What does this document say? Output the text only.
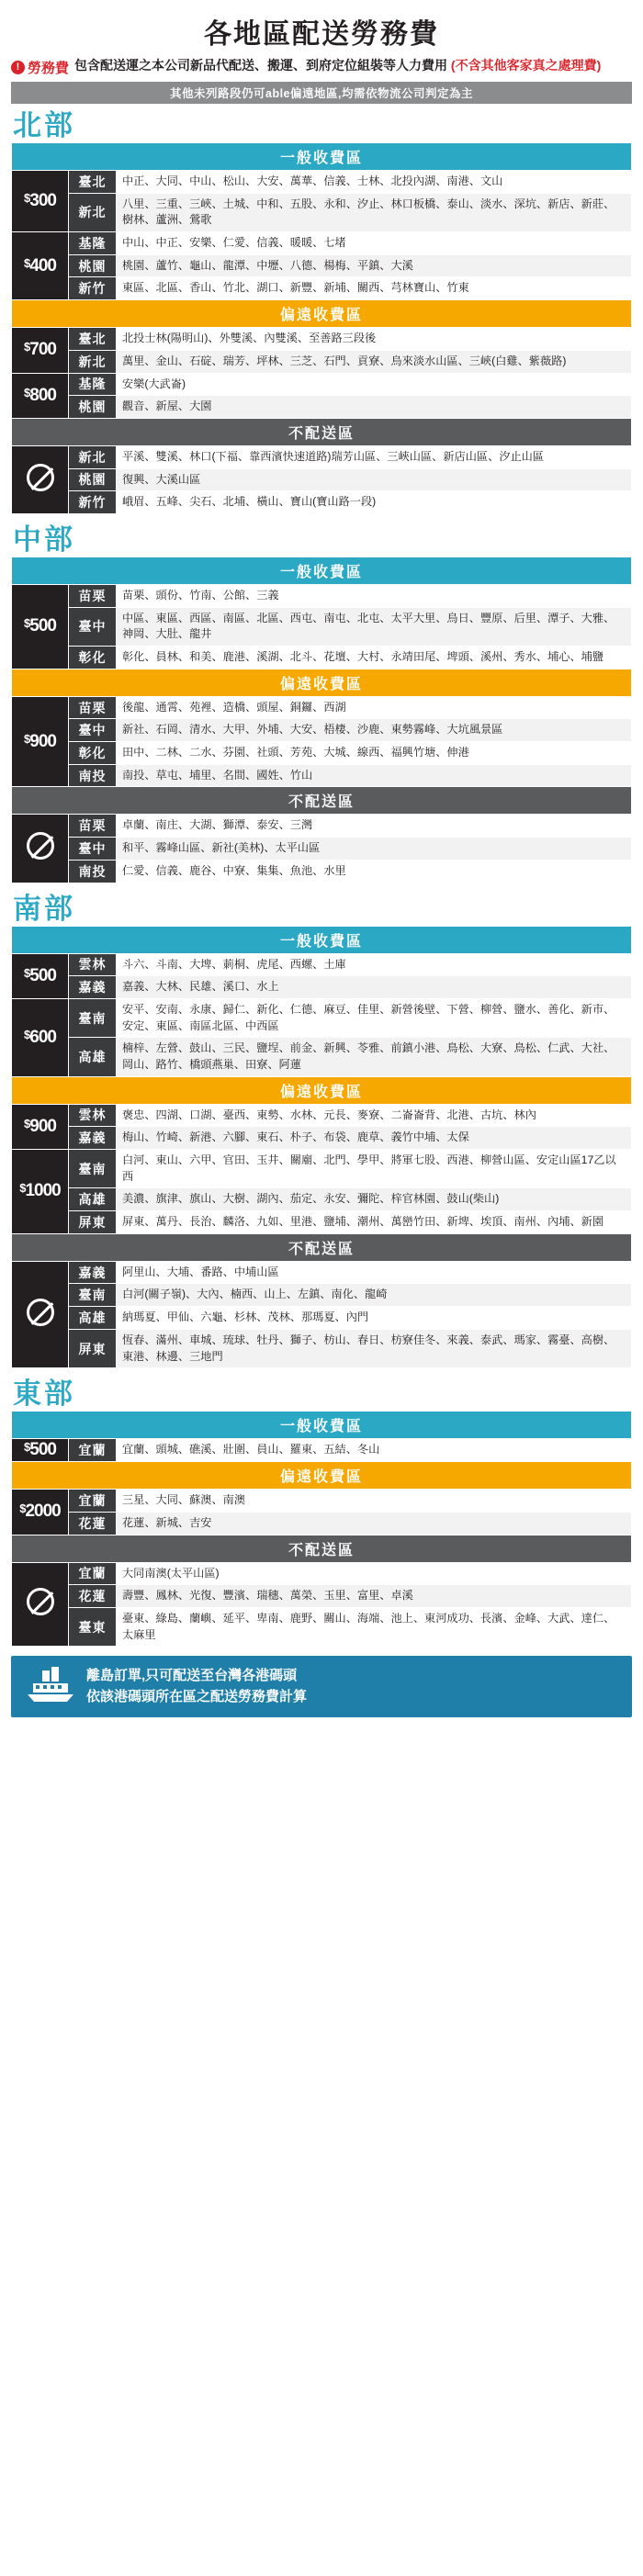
各地區配送勞務費
! 勞務費 包含配送運之本公司新品代配送、搬運、到府定位組裝等人力費用 (不含其他客家真之處理費)
其他未列路段仍可able偏遠地區,均需依物流公司判定為主
北部
一般收費區		
$300	臺北	中正、大同、中山、松山、大安、萬華、信義、士林、北投內湖、南港、文山
	新北	八里、三重、三峽、土城、中和、五股、永和、汐止、林口板橋、泰山、淡水、深坑、新店、新莊、樹林、蘆洲、鶯歌
$400	基隆	中山、中正、安樂、仁愛、信義、暖暖、七堵
	桃園	桃園、蘆竹、龜山、龍潭、中壢、八德、楊梅、平鎮、大溪
	新竹	東區、北區、香山、竹北、湖口、新豐、新埔、關西、芎林寶山、竹東
偏遠收費區		
$700	臺北	北投士林(陽明山)、外雙溪、內雙溪、至善路三段後
	新北	萬里、金山、石碇、瑞芳、坪林、三芝、石門、貢寮、烏來淡水山區、三峽(白雞、紫薇路)
$800	基隆	安樂(大武崙)
	桃園	觀音、新屋、大園
不配送區		
	新北	平溪、雙溪、林口(下福、靠西濱快速道路)瑞芳山區、三峽山區、新店山區、汐止山區
	桃園	復興、大溪山區
	新竹	峨眉、五峰、尖石、北埔、橫山、寶山(寶山路一段)
中部
一般收費區		
$500	苗栗	苗栗、頭份、竹南、公館、三義
	臺中	中區、東區、西區、南區、北區、西屯、南屯、北屯、太平大里、烏日、豐原、后里、潭子、大雅、神岡、大肚、龍井
	彰化	彰化、員林、和美、鹿港、溪湖、北斗、花壇、大村、永靖田尾、埤頭、溪州、秀水、埔心、埔鹽
偏遠收費區		
$900	苗栗	後龍、通霄、苑裡、造橋、頭屋、銅鑼、西湖
	臺中	新社、石岡、清水、大甲、外埔、大安、梧棲、沙鹿、東勢霧峰、大坑風景區
	彰化	田中、二林、二水、芬園、社頭、芳苑、大城、線西、福興竹塘、伸港
	南投	南投、草屯、埔里、名間、國姓、竹山
不配送區		
	苗栗	卓蘭、南庄、大湖、獅潭、泰安、三灣
	臺中	和平、霧峰山區、新社(美林)、太平山區
	南投	仁愛、信義、鹿谷、中寮、集集、魚池、水里
南部
一般收費區		
$500	雲林	斗六、斗南、大埤、莿桐、虎尾、西螺、土庫
	嘉義	嘉義、大林、民雄、溪口、水上
$600	臺南	安平、安南、永康、歸仁、新化、仁德、麻豆、佳里、新營後壁、下營、柳營、鹽水、善化、新市、安定、東區、南區北區、中西區
	高雄	楠梓、左營、鼓山、三民、鹽埕、前金、新興、苓雅、前鎮小港、鳥松、大寮、鳥松、仁武、大社、岡山、路竹、橋頭燕巢、田寮、阿蓮
偏遠收費區		
$900	雲林	褒忠、四湖、口湖、臺西、東勢、水林、元長、麥寮、二崙崙背、北港、古坑、林內
	嘉義	梅山、竹崎、新港、六腳、東石、朴子、布袋、鹿草、義竹中埔、太保
$1000	臺南	白河、東山、六甲、官田、玉井、關廟、北門、學甲、將軍七股、西港、柳營山區、安定山區17乙以西
	高雄	美濃、旗津、旗山、大樹、湖內、茄定、永安、彌陀、梓官林園、鼓山(柴山)
	屏東	屏東、萬丹、長治、麟洛、九如、里港、鹽埔、潮州、萬巒竹田、新埤、埃頂、南州、內埔、新園
不配送區		
	嘉義	阿里山、大埔、番路、中埔山區
	臺南	白河(關子嶺)、大內、楠西、山上、左鎮、南化、龍崎
	高雄	納瑪夏、甲仙、六龜、杉林、茂林、那瑪夏、內門
	屏東	恆春、滿州、車城、琉球、牡丹、獅子、枋山、春日、枋寮佳冬、來義、泰武、瑪家、霧臺、高樹、東港、林邊、三地門
東部
一般收費區		
$500	宜蘭	宜蘭、頭城、礁溪、壯圍、員山、羅東、五結、冬山
偏遠收費區		
$2000	宜蘭	三星、大同、蘇澳、南澳
	花蓮	花蓮、新城、吉安
不配送區		
	宜蘭	大同南澳(太平山區)
	花蓮	壽豐、鳳林、光復、豐濱、瑞穗、萬榮、玉里、富里、卓溪
	臺東	臺東、綠島、蘭嶼、延平、卑南、鹿野、關山、海端、池上、東河成功、長濱、金峰、大武、達仁、太麻里
離島訂單,只可配送至台灣各港碼頭
依該港碼頭所在區之配送勞務費計算
